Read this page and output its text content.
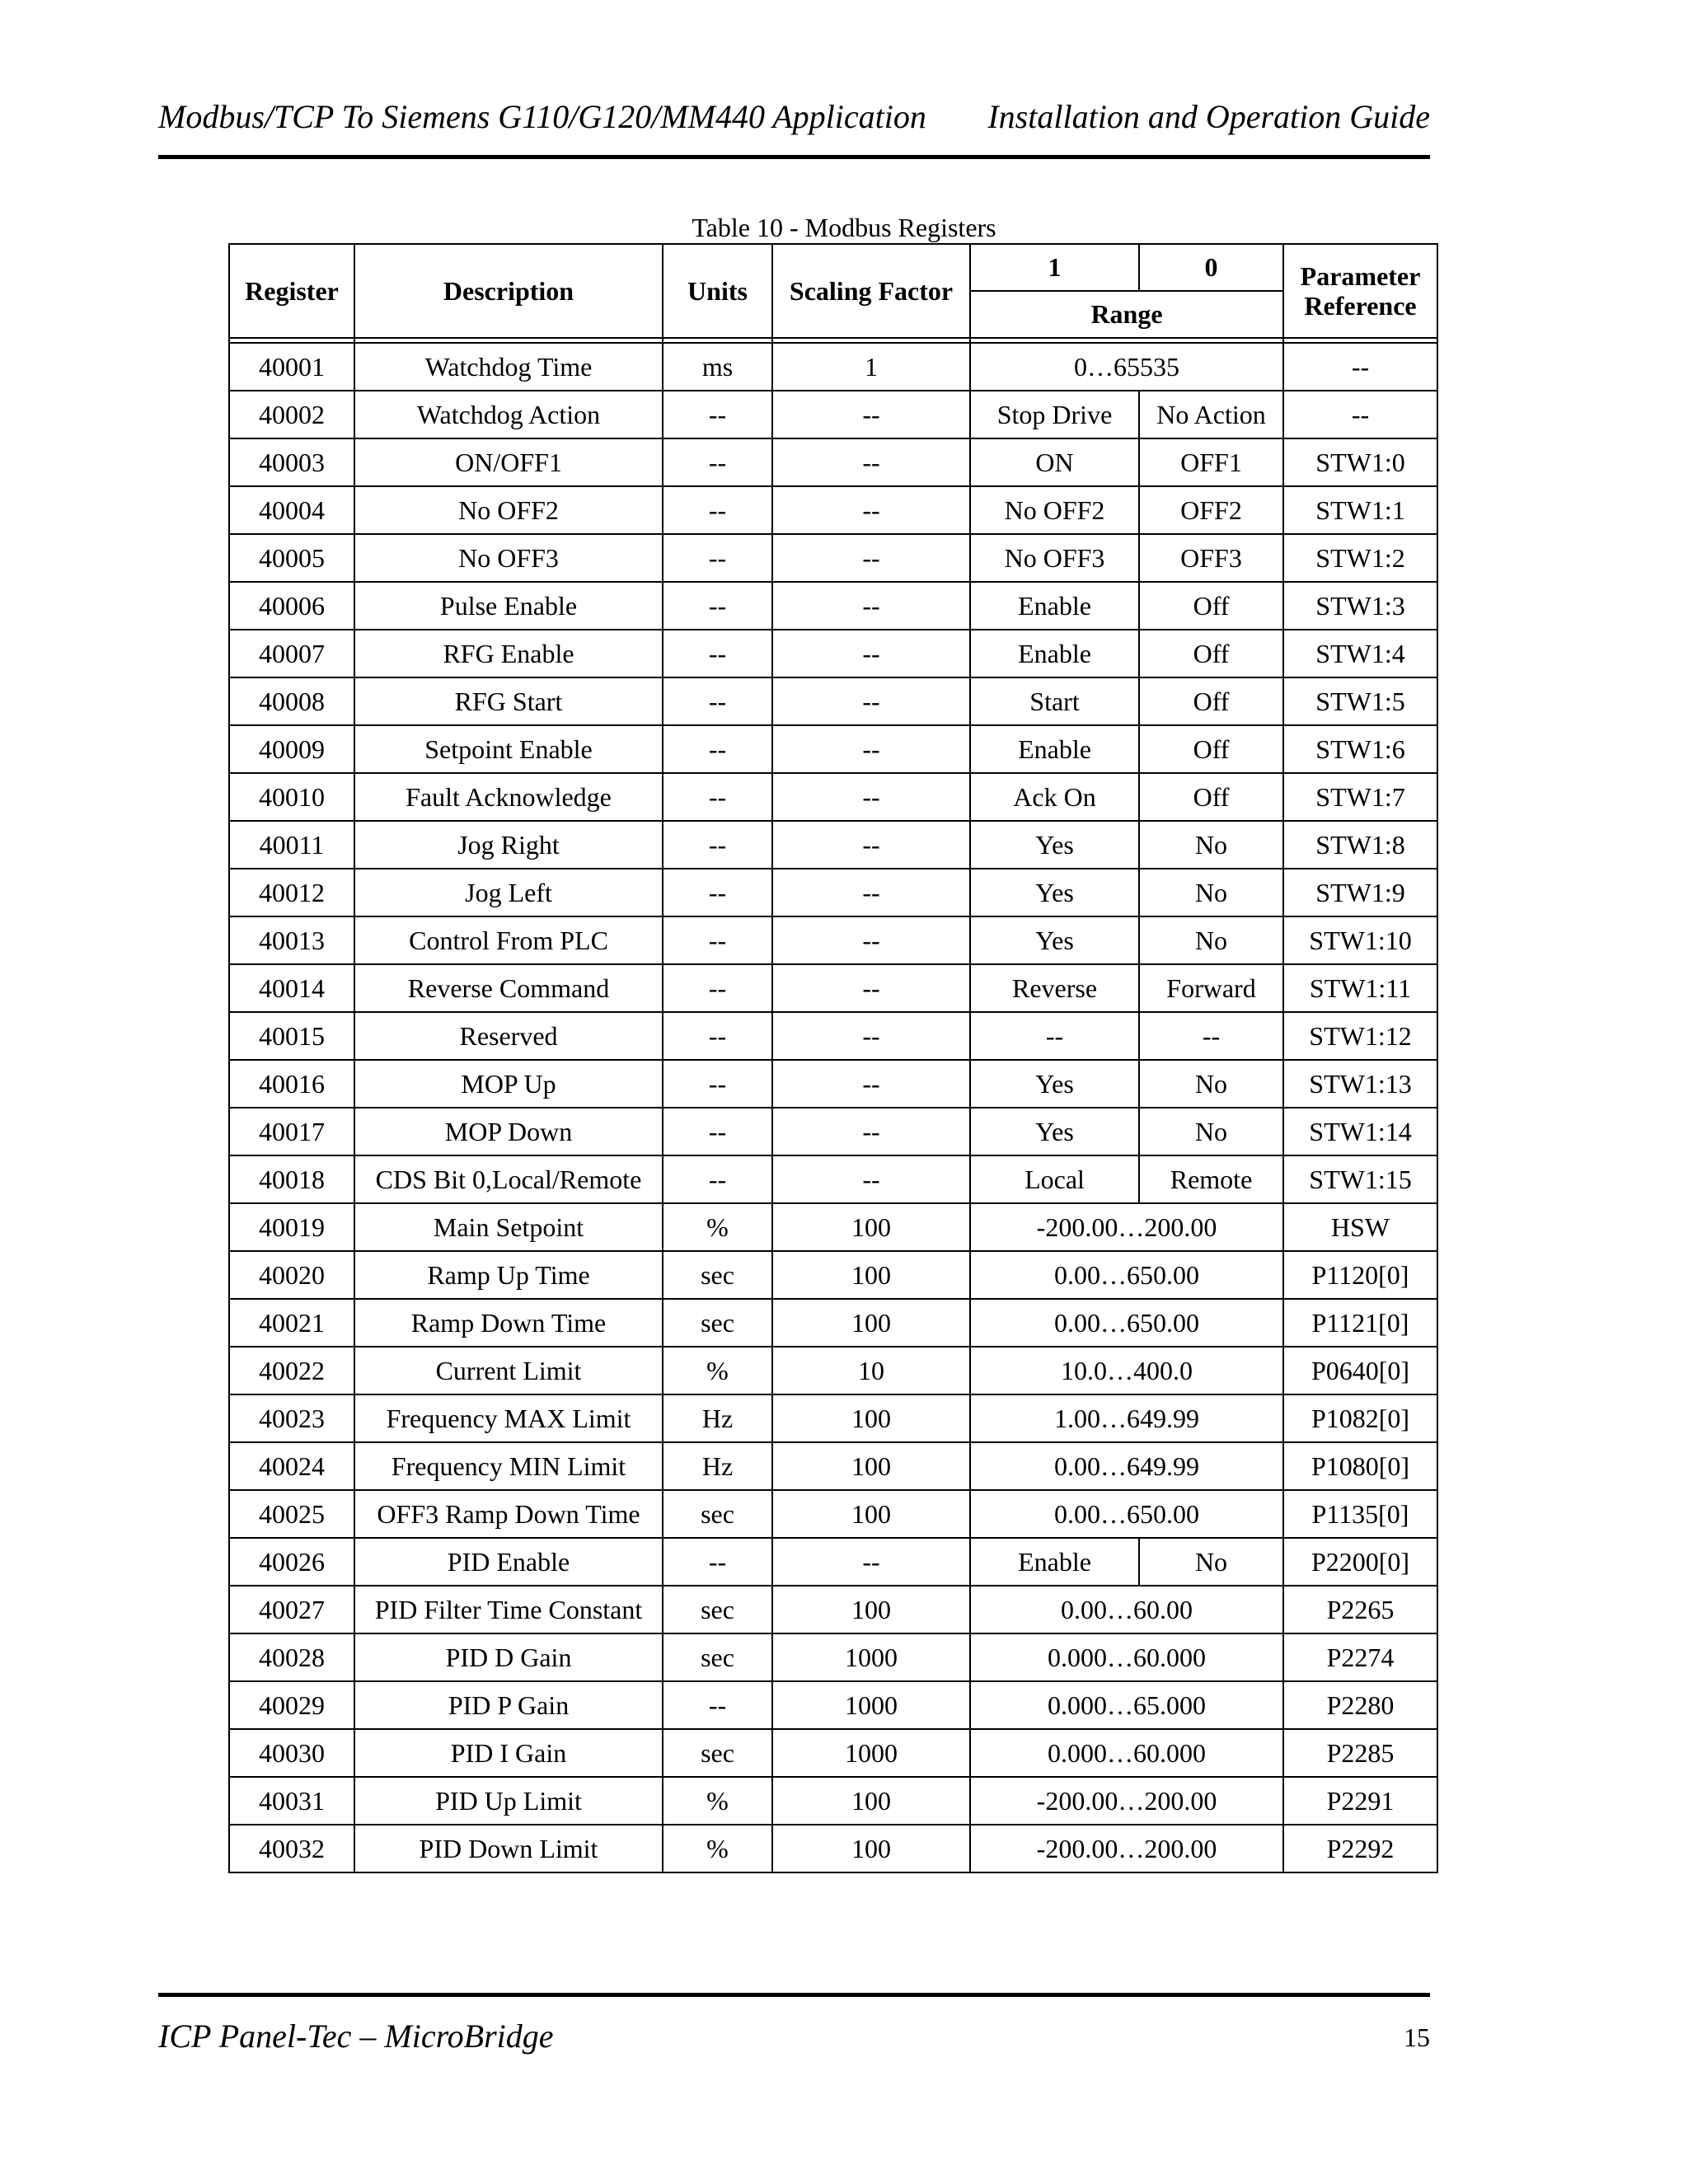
Modbus/TCP To Siemens G110/G120/MM440 Application Installation and Operation Guide
Table 10 - Modbus Registers
Register	Description	Units	Scaling Factor	1	0	Parameter Reference
				Range		

40001	Watchdog Time	ms	1	0…65535		--
40002	Watchdog Action	--	--	Stop Drive	No Action	--
40003	ON/OFF1	--	--	ON	OFF1	STW1:0
40004	No OFF2	--	--	No OFF2	OFF2	STW1:1
40005	No OFF3	--	--	No OFF3	OFF3	STW1:2
40006	Pulse Enable	--	--	Enable	Off	STW1:3
40007	RFG Enable	--	--	Enable	Off	STW1:4
40008	RFG Start	--	--	Start	Off	STW1:5
40009	Setpoint Enable	--	--	Enable	Off	STW1:6
40010	Fault Acknowledge	--	--	Ack On	Off	STW1:7
40011	Jog Right	--	--	Yes	No	STW1:8
40012	Jog Left	--	--	Yes	No	STW1:9
40013	Control From PLC	--	--	Yes	No	STW1:10
40014	Reverse Command	--	--	Reverse	Forward	STW1:11
40015	Reserved	--	--	--	--	STW1:12
40016	MOP Up	--	--	Yes	No	STW1:13
40017	MOP Down	--	--	Yes	No	STW1:14
40018	CDS Bit 0,Local/Remote	--	--	Local	Remote	STW1:15
40019	Main Setpoint	%	100	-200.00…200.00		HSW
40020	Ramp Up Time	sec	100	0.00…650.00		P1120[0]
40021	Ramp Down Time	sec	100	0.00…650.00		P1121[0]
40022	Current Limit	%	10	10.0…400.0		P0640[0]
40023	Frequency MAX Limit	Hz	100	1.00…649.99		P1082[0]
40024	Frequency MIN Limit	Hz	100	0.00…649.99		P1080[0]
40025	OFF3 Ramp Down Time	sec	100	0.00…650.00		P1135[0]
40026	PID Enable	--	--	Enable	No	P2200[0]
40027	PID Filter Time Constant	sec	100	0.00…60.00		P2265
40028	PID D Gain	sec	1000	0.000…60.000		P2274
40029	PID P Gain	--	1000	0.000…65.000		P2280
40030	PID I Gain	sec	1000	0.000…60.000		P2285
40031	PID Up Limit	%	100	-200.00…200.00		P2291
40032	PID Down Limit	%	100	-200.00…200.00		P2292
ICP Panel-Tec – MicroBridge	15
